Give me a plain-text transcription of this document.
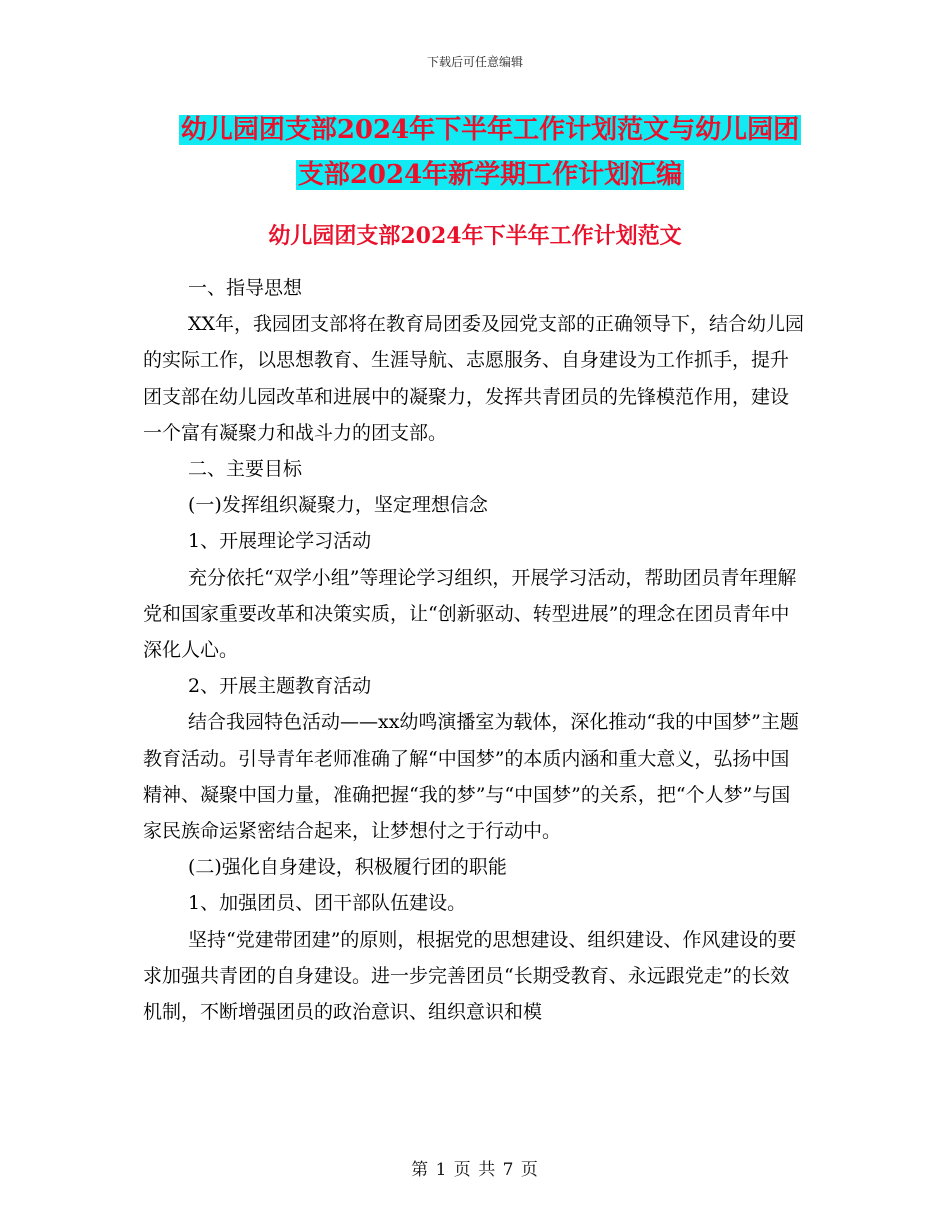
下载后可任意编辑
幼儿园团支部2024年下半年工作计划范文与幼儿园团
支部2024年新学期工作计划汇编
幼儿园团支部2024年下半年工作计划范文

一、指导思想

XX年，我园团支部将在教育局团委及园党支部的正确领导下，结合幼儿园的实际工作，以思想教育、生涯导航、志愿服务、自身建设为工作抓手，提升团支部在幼儿园改革和进展中的凝聚力，发挥共青团员的先锋模范作用，建设一个富有凝聚力和战斗力的团支部。

二、主要目标

(一)发挥组织凝聚力，坚定理想信念

1、开展理论学习活动

充分依托“双学小组”等理论学习组织，开展学习活动，帮助团员青年理解党和国家重要改革和决策实质，让“创新驱动、转型进展”的理念在团员青年中深化人心。

2、开展主题教育活动

结合我园特色活动——xx幼鸣演播室为载体，深化推动“我的中国梦”主题教育活动。引导青年老师准确了解“中国梦”的本质内涵和重大意义，弘扬中国精神、凝聚中国力量，准确把握“我的梦”与“中国梦”的关系，把“个人梦”与国家民族命运紧密结合起来，让梦想付之于行动中。

(二)强化自身建设，积极履行团的职能

1、加强团员、团干部队伍建设。

坚持“党建带团建”的原则，根据党的思想建设、组织建设、作风建设的要求加强共青团的自身建设。进一步完善团员“长期受教育、永远跟党走”的长效机制，不断增强团员的政治意识、组织意识和模

第 1 页 共 7 页
